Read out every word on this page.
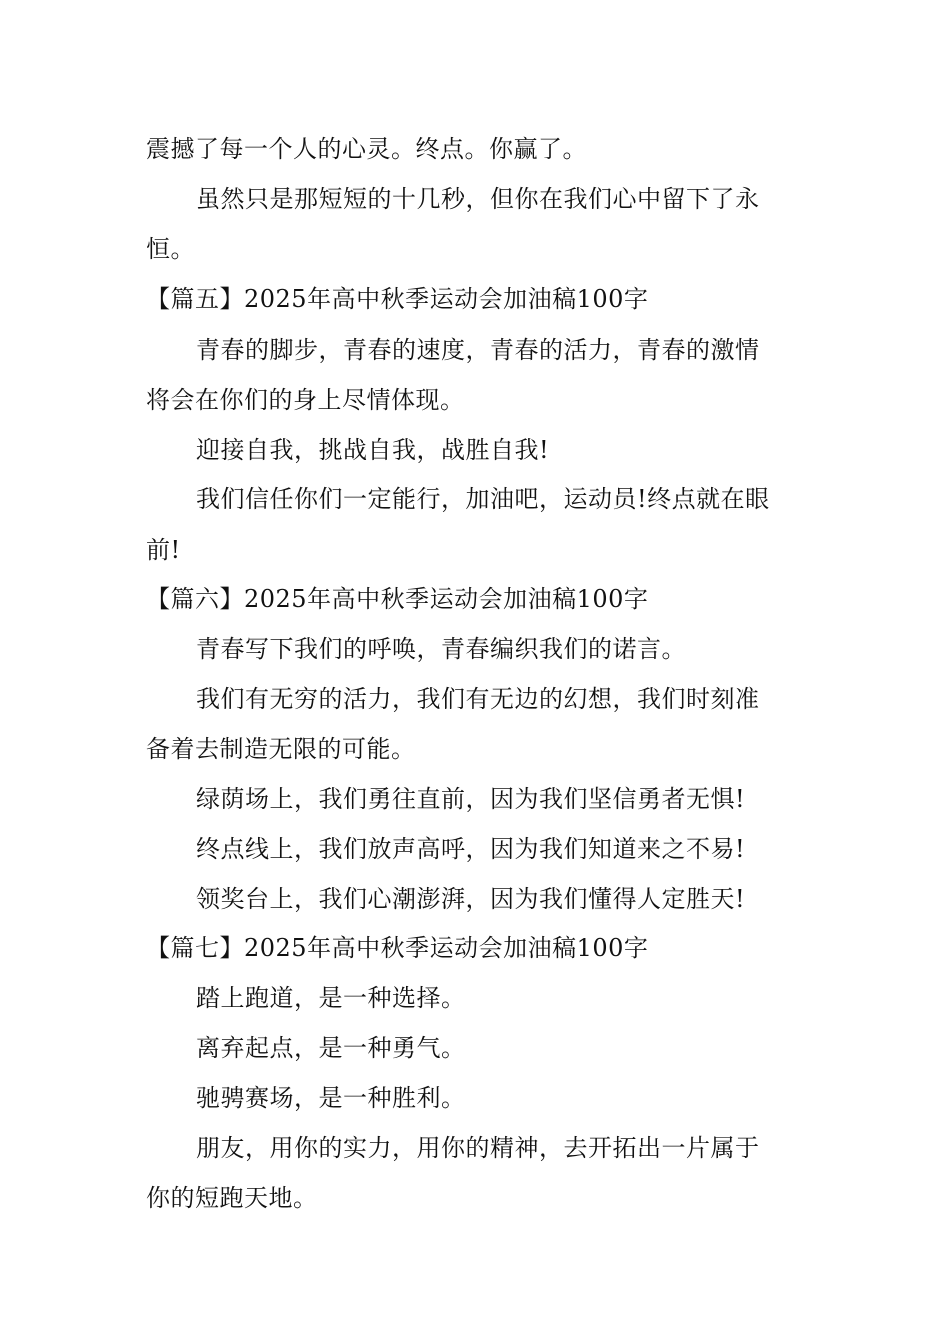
震撼了每一个人的心灵。终点。你赢了。
虽然只是那短短的十几秒，但你在我们心中留下了永
恒。
【篇五】2025年高中秋季运动会加油稿100字
青春的脚步，青春的速度，青春的活力，青春的激情
将会在你们的身上尽情体现。
迎接自我，挑战自我，战胜自我!
我们信任你们一定能行，加油吧，运动员!终点就在眼
前!
【篇六】2025年高中秋季运动会加油稿100字
青春写下我们的呼唤，青春编织我们的诺言。
我们有无穷的活力，我们有无边的幻想，我们时刻准
备着去制造无限的可能。
绿荫场上，我们勇往直前，因为我们坚信勇者无惧!
终点线上，我们放声高呼，因为我们知道来之不易!
领奖台上，我们心潮澎湃，因为我们懂得人定胜天!
【篇七】2025年高中秋季运动会加油稿100字
踏上跑道，是一种选择。
离弃起点，是一种勇气。
驰骋赛场，是一种胜利。
朋友，用你的实力，用你的精神，去开拓出一片属于
你的短跑天地。
